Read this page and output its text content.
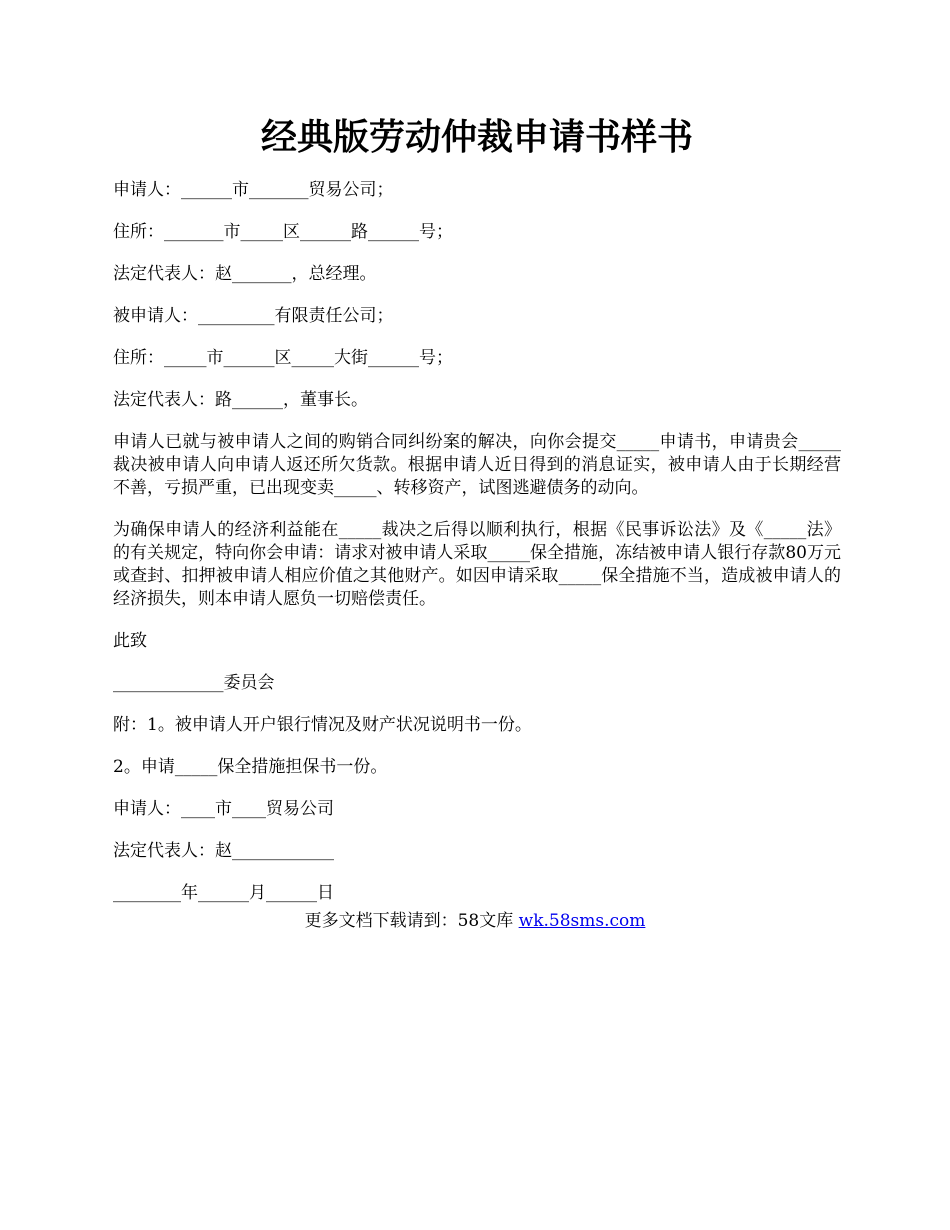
经典版劳动仲裁申请书样书

申请人：______市_______贸易公司；

住所：_______市_____区______路______号；

法定代表人：赵_______，总经理。

被申请人：_________有限责任公司；

住所：_____市______区_____大街______号；

法定代表人：路______，董事长。

申请人已就与被申请人之间的购销合同纠纷案的解决，向你会提交_____申请书，申请贵会_____裁决被申请人向申请人返还所欠货款。根据申请人近日得到的消息证实，被申请人由于长期经营不善，亏损严重，已出现变卖_____、转移资产，试图逃避债务的动向。

为确保申请人的经济利益能在_____裁决之后得以顺利执行，根据《民事诉讼法》及《_____法》的有关规定，特向你会申请：请求对被申请人采取_____保全措施，冻结被申请人银行存款80万元或查封、扣押被申请人相应价值之其他财产。如因申请采取_____保全措施不当，造成被申请人的经济损失，则本申请人愿负一切赔偿责任。

此致

_____________委员会

附：1。被申请人开户银行情况及财产状况说明书一份。

2。申请_____保全措施担保书一份。

申请人：____市____贸易公司

法定代表人：赵____________

________年______月______日

更多文档下载请到：58文库 wk.58sms.com
